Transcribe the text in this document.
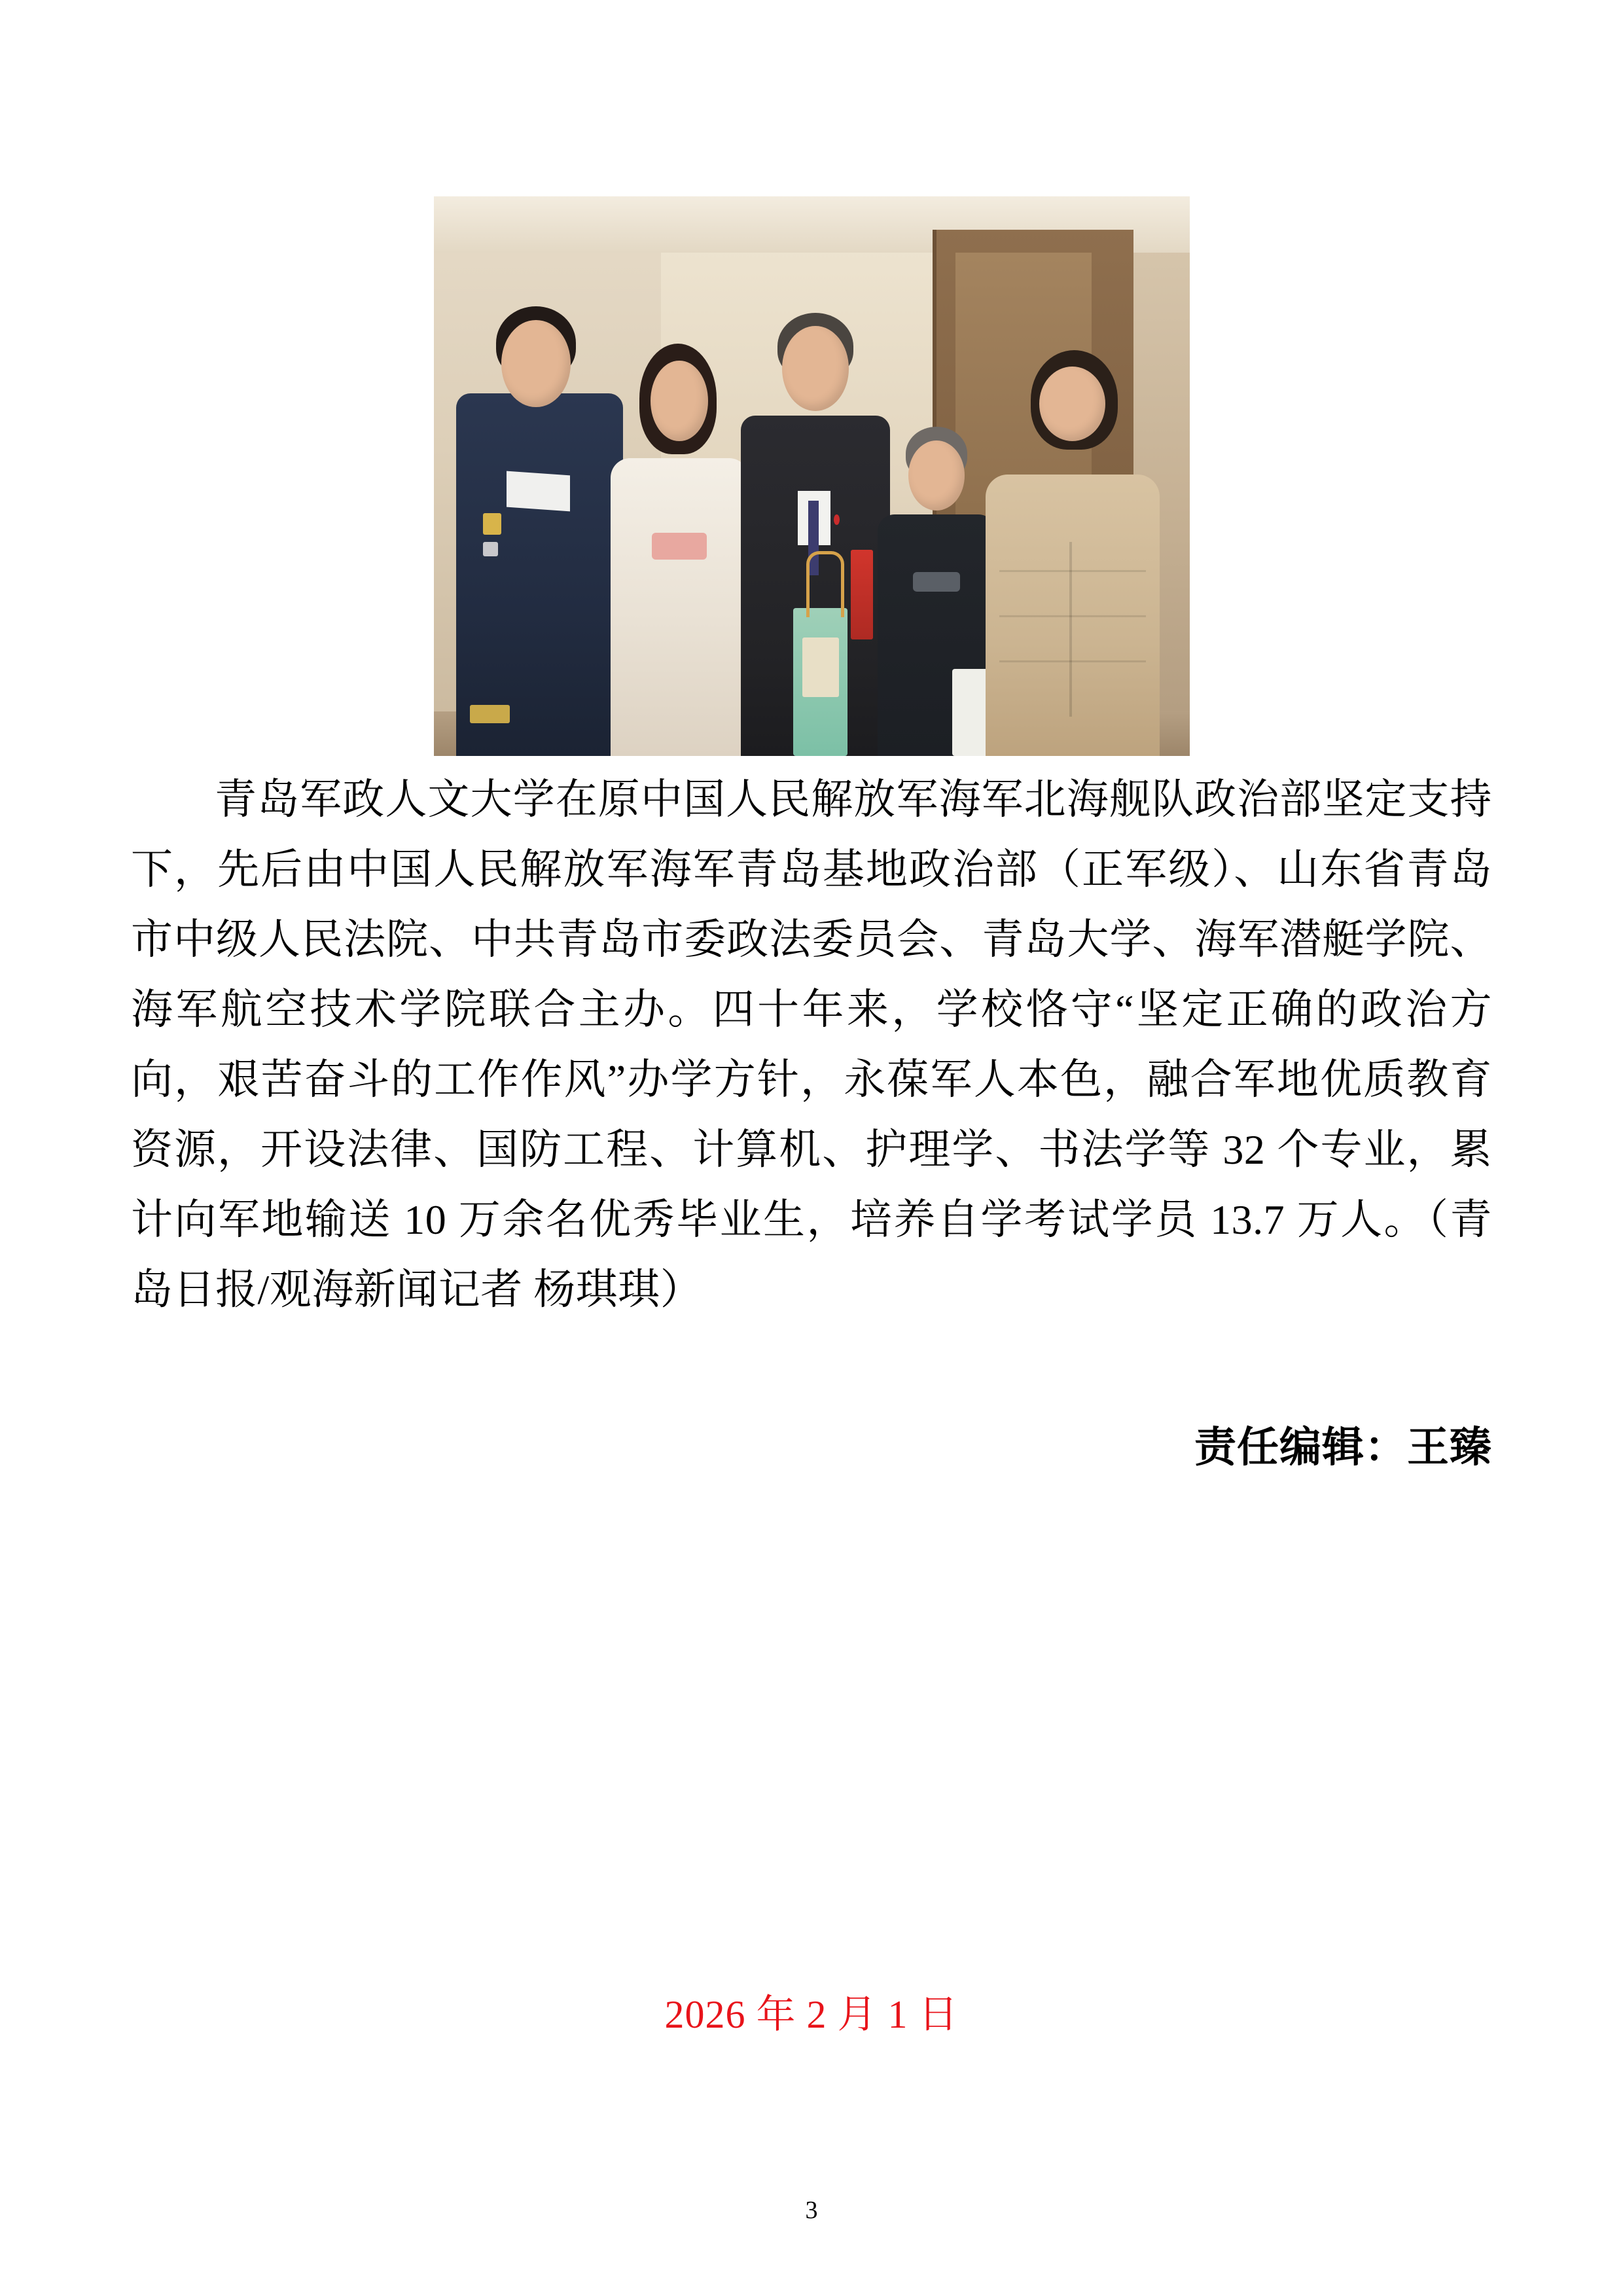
青岛军政人文大学在原中国人民解放军海军北海舰队政治部坚定支持下，先后由中国人民解放军海军青岛基地政治部（正军级）、山东省青岛市中级人民法院、中共青岛市委政法委员会、青岛大学、海军潜艇学院、海军航空技术学院联合主办。四十年来，学校恪守“坚定正确的政治方向，艰苦奋斗的工作作风”办学方针，永葆军人本色，融合军地优质教育资源，开设法律、国防工程、计算机、护理学、书法学等 32 个专业，累计向军地输送 10 万余名优秀毕业生，培养自学考试学员 13.7 万人。（青岛日报/观海新闻记者 杨琪琪）

责任编辑：王臻
2026 年 2 月 1 日
3
